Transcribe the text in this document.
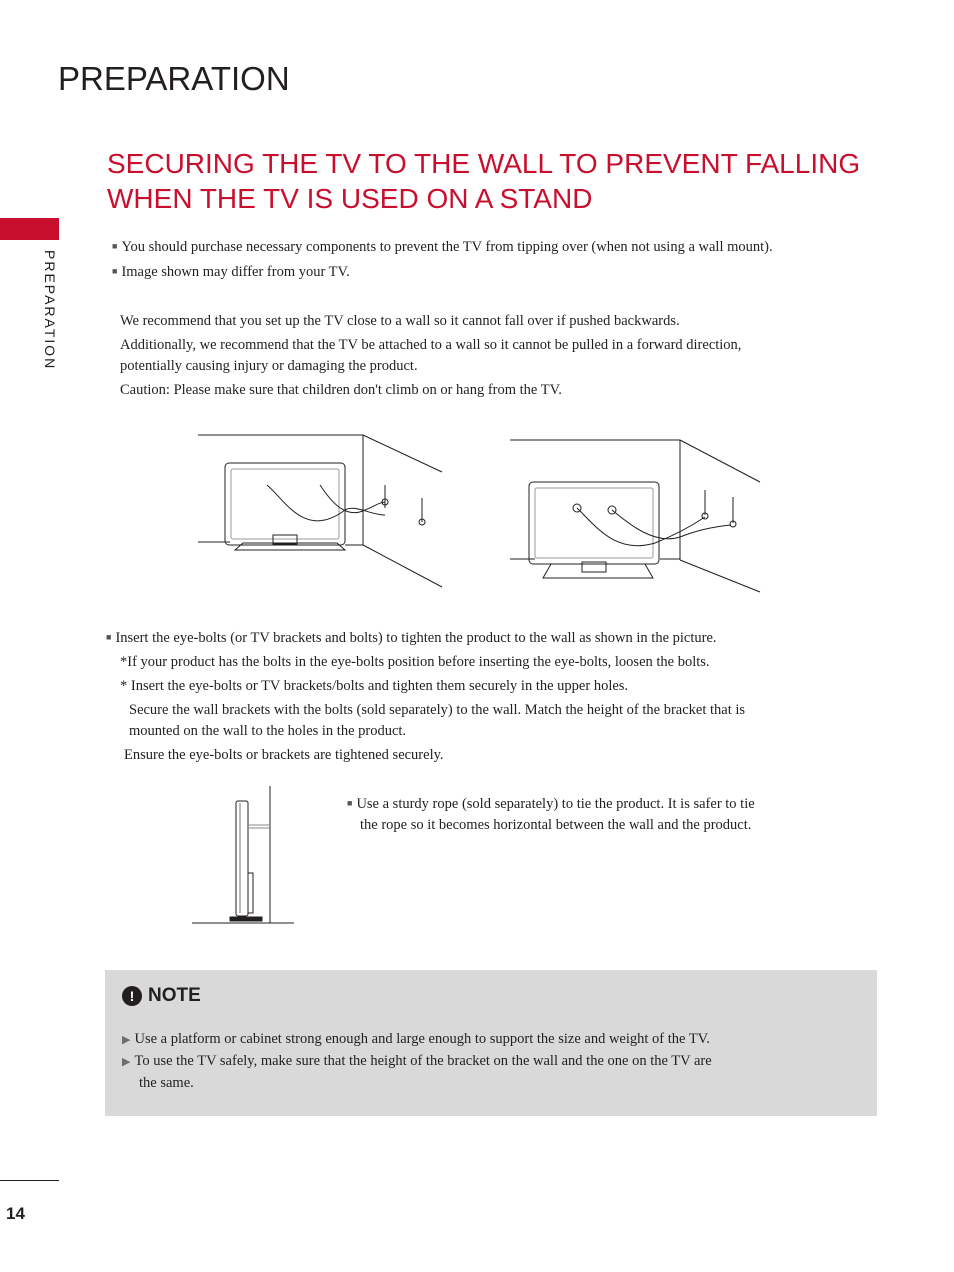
PREPARATION
PREPARATION
SECURING THE TV TO THE WALL TO PREVENT FALLING
WHEN THE TV IS USED ON A STAND
■ You should purchase necessary components to prevent the TV from tipping over (when not using a wall mount).
■ Image shown may differ from your TV.
We recommend that you set up the TV close to a wall so it cannot fall over if pushed backwards.
Additionally, we recommend that the TV be attached to a wall so it cannot be pulled in a forward direction,
potentially causing injury or damaging the product.
Caution: Please make sure that children don't climb on or hang from the TV.
■ Insert the eye-bolts (or TV brackets and bolts) to tighten the product to the wall as shown in the picture.
*If your product has the bolts in the eye-bolts position before inserting the eye-bolts, loosen the bolts.
* Insert the eye-bolts or TV brackets/bolts and tighten them securely in the upper holes.
Secure the wall brackets with the bolts (sold separately) to the wall. Match the height of the bracket that is
mounted on the wall to the holes in the product.
Ensure the eye-bolts or brackets are tightened securely.
■ Use a sturdy rope (sold separately) to tie the product. It is safer to tie
the rope so it becomes horizontal between the wall and the product.
! NOTE
▶ Use a platform or cabinet strong enough and large enough to support the size and weight of the TV.
▶ To use the TV safely, make sure that the height of the bracket on the wall and the one on the TV are
the same.
14
